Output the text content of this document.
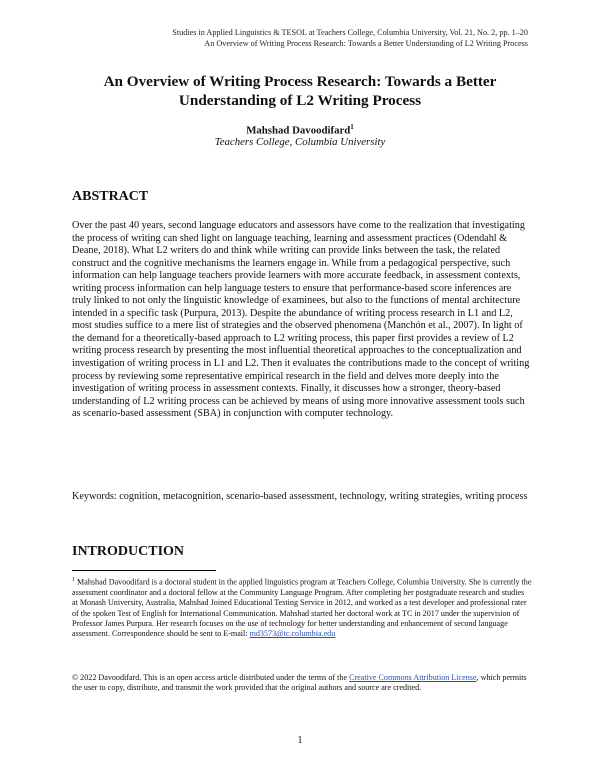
Studies in Applied Linguistics & TESOL at Teachers College, Columbia University, Vol. 21, No. 2, pp. 1–20
An Overview of Writing Process Research: Towards a Better Understanding of L2 Writing Process
An Overview of Writing Process Research: Towards a Better Understanding of L2 Writing Process
Mahshad Davoodifard$^1$
Teachers College, Columbia University
ABSTRACT

Over the past 40 years, second language educators and assessors have come to the realization that investigating the process of writing can shed light on language teaching, learning and assessment practices (Odendahl & Deane, 2018). What L2 writers do and think while writing can provide links between the task, the related construct and the cognitive mechanisms the learners engage in. While from a pedagogical perspective, such information can help language teachers provide learners with more accurate feedback, in assessment contexts, writing process information can help language testers to ensure that performance-based score inferences are truly linked to not only the linguistic knowledge of examinees, but also to the functions of mental architecture intended in a specific task (Purpura, 2013). Despite the abundance of writing process research in L1 and L2, most studies suffice to a mere list of strategies and the observed phenomena (Manchón et al., 2007). In light of the demand for a theoretically-based approach to L2 writing process, this paper first provides a review of L2 writing process research by presenting the most influential theoretical approaches to the conceptualization and investigation of writing process in L1 and L2. Then it evaluates the contributions made to the concept of writing process by reviewing some representative empirical research in the field and delves more deeply into the investigation of writing process in assessment contexts. Finally, it discusses how a stronger, theory-based understanding of L2 writing process can be achieved by means of using more innovative assessment tools such as scenario-based assessment (SBA) in conjunction with computer technology.

Keywords: cognition, metacognition, scenario-based assessment, technology, writing strategies, writing process

INTRODUCTION

$^1$ Mahshad Davoodifard is a doctoral student in the applied linguistics program at Teachers College, Columbia University. She is currently the assessment coordinator and a doctoral fellow at the Community Language Program. After completing her postgraduate research and studies at Monash University, Australia, Mahshad Joined Educational Testing Service in 2012, and worked as a test developer and professional rater of the spoken Test of English for International Communication. Mahshad started her doctoral work at TC in 2017 under the supervision of Professor James Purpura. Her research focuses on the use of technology for better understanding and enhancement of second language assessment. Correspondence should be sent to E-mail: md3573@tc.columbia.edu

© 2022 Davoodifard. This is an open access article distributed under the terms of the Creative Commons Attribution License, which permits the user to copy, distribute, and transmit the work provided that the original authors and source are credited.

1
